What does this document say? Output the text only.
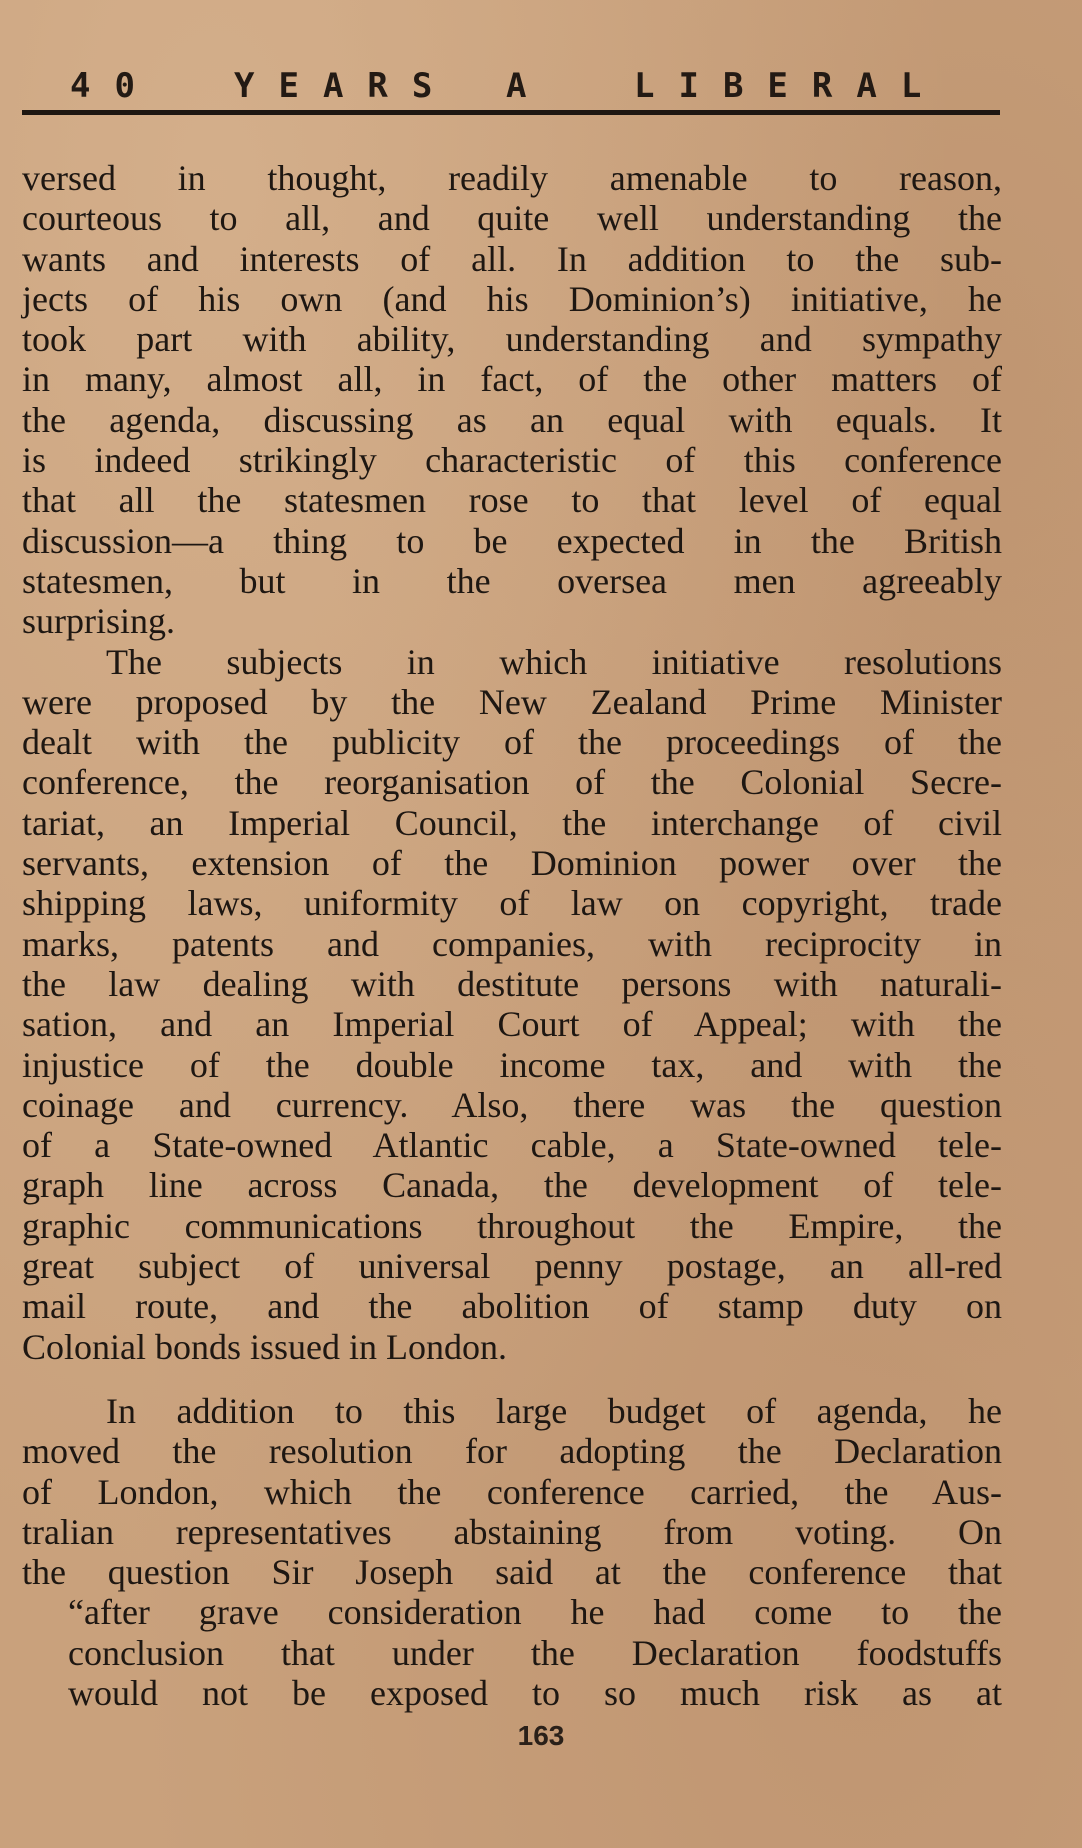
40 YEARS A LIBERAL
versed in thought, readily amenable to reason,
courteous to all, and quite well understanding the
wants and interests of all. In addition to the sub-
jects of his own (and his Dominion’s) initiative, he
took part with ability, understanding and sympathy
in many, almost all, in fact, of the other matters of
the agenda, discussing as an equal with equals. It
is indeed strikingly characteristic of this conference
that all the statesmen rose to that level of equal
discussion—a thing to be expected in the British
statesmen, but in the oversea men agreeably
surprising.
The subjects in which initiative resolutions
were proposed by the New Zealand Prime Minister
dealt with the publicity of the proceedings of the
conference, the reorganisation of the Colonial Secre-
tariat, an Imperial Council, the interchange of civil
servants, extension of the Dominion power over the
shipping laws, uniformity of law on copyright, trade
marks, patents and companies, with reciprocity in
the law dealing with destitute persons with naturali-
sation, and an Imperial Court of Appeal; with the
injustice of the double income tax, and with the
coinage and currency. Also, there was the question
of a State-owned Atlantic cable, a State-owned tele-
graph line across Canada, the development of tele-
graphic communications throughout the Empire, the
great subject of universal penny postage, an all-red
mail route, and the abolition of stamp duty on
Colonial bonds issued in London.
In addition to this large budget of agenda, he
moved the resolution for adopting the Declaration
of London, which the conference carried, the Aus-
tralian representatives abstaining from voting. On
the question Sir Joseph said at the conference that
“after grave consideration he had come to the
conclusion that under the Declaration foodstuffs
would not be exposed to so much risk as at
163
